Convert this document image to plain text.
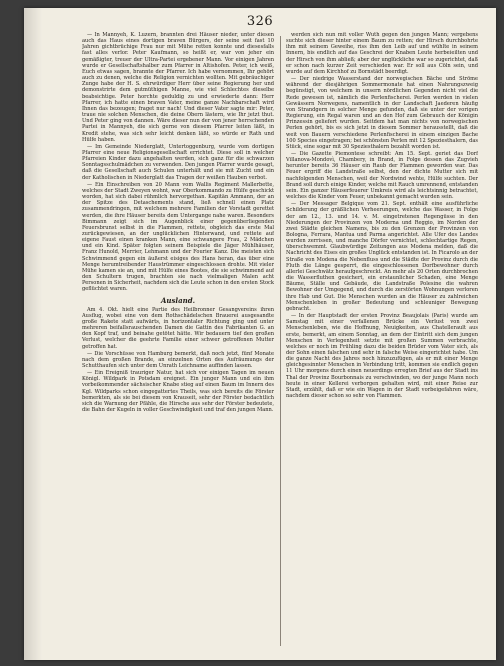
326

— In Mannyeh, K. Luzern, brannten drei Häuser nieder, unter diesen auch das Haus eines dortigen braven Bürgers, der seine seit fast 10 Jahren gichtbrüchige Frau nur mit Mühe retten konnte und diesesfalls fast alles verlor. Peter Kaufmann, so heißt er, war von jeher ein gemäßigter, treuer der Ultra-Partei ergebener Mann. Vor einigen Jahren wurde er Gesellschaftshalber zum Pfarrer in Altishofen. Peter, ich weiß, Euch etwas sagen, brannte der Pfarrer. Ich habe vernommen, Ihr gehört auch zu denen, welche die Religion vernichten wollten. Mit gebräuchiger Zunge habe der H. S. ehrwürdiger Herr über seine Regierung her und demonstrirte dem gutmüthigen Manne, wie viel Schlechtes dieselbe beabsichtige. Peter horchte geduldig zu und erwiederte dann: Herr Pfarrer, ich hatte einen braven Vater, meine ganze Nachbarschaft wird Ihnen das bezeugen; fraget nur nach! Und dieser Vater sagte mir: Peter, traue nie solchen Menschen, die deine Obern lästern, wie Ihr jetzt thut. Und Peter ging von dannen. Wäre dieser nun der von jener herrschenden Partei in Mannyeh, die sich gerne von diesem Pfarrer leiten läßt, in Kredit stehe, was sich sehr leicht denken läßt, so würde er Rath und Hülfe haben.

— Im Gemeinde Niederglatt, Untertoggenburg, wurde vom dortigen Pfarrer eine neue Religionsgesellschaft errichtet. Diese soll in welcher Pfarreien Kinder dazu angehalten werden, sich ganz für die schwarzen Sonntagsschulmädchen zu verwenden. Den jungen Pfarrer wurde gesagt, daß die Gesellschaft auch Schulen unterhält und sie mit Zucht und ein der Katholischen in Niederglatt das Tragen der weißen Hauben verbot.

— Ein Einschreiben von 20 Mann vom Wallis Regiment Mallerbette, welches der Stadt Zweyen wohnt, war Oberkommando zu Hülfe geschickt worden, hat sich dabei rühmlich hervorgethan. Kapitän Ammann, der an der Spitze des Detaschements stand, ließ schnell einen Platz zusammendringen, mit welchem mehrere Familien der Vorstadt gerettet werden, die ihre Häuser bereits dem Untergange nahe waren. Besonders Bimmann zeigt sich im Augenblick einer gegenüberliegenden Feuersbrunst selbst in die Flammen, rettete, obgleich das erste Mal zurückgewiesen, an der unglücklichen Hinterwand, und rettete auf eigene Faust einen kranken Mann, eine schwangere Frau, 2 Mädchen und ein Kind. Später folgten seinem Beispiele die Jäger Mühlhäuser, Franz Hunold, Merrier, Lehmann und der Fourier Kanz. Die meisten sich Schwimmend gegen ein äußerst eisiges des Hans heran, das über eine Menge herumtreibender Haustrümmer eingeschlossen drohte. Mit vieler Mühe kamen sie an, und mit Hülfe eines Bootes, die sie schwimmend auf den Schultern trugen, brachten sie nach vielmaligen Malen acht Personen in Sicherheit, nachdem sich die Leute schon in den ersten Stock geflüchtet waren.

Ausland.

Am 4. Okt. hielt eine Partie des Heilbronner Gesangvereins ihren Ausflug, wobei eine von dem Rothschädelschen Brauerei ausgesandte große Rakete statt aufwärts, in horizontaler Richtung ging und unter mehreren beifallsrauschenden Damen die Gattin des Fabrikanten G. an den Kopf traf, und beinahe getötet hätte. Wir bedauern tief den großen Verlust, welcher die geehrte Familie einer schwer getroffenen Mutter getroffen hat.

— Die Vorschüsse von Hamburg bemerkt, daß noch jetzt, fünf Monate nach dem großen Brande, an einzelnen Orten des Aufräumungs der Schutthaufen sich unter dem Unrath Leichname auffinden lassen.

— Ein Ereigniß trauriger Natur, hat sich vor einigen Tagen im neuen Königl. Wildpark in Potsdam ereignet. Ein junger Mann und ein ihm vorbeikommender sächsischer Knabe stieg auf einen Baum im Innern des Kgl. Wildparks schon eingegattertes Theils, was sich bereits die Förster bemerkten, als sie bei diesem von Krauseit, sehr der Förster bedachtlich sich die Warnung der Pfähle, die Hirsche aus sehr der Förster bedeutete, die Bahn der Kugeln in voller Geschwindigkeit und traf den jungen Mann.

werden sich nun mit voller Wuth gegen den jungen Mann; vergebens suchte sich dieser hinter einem Baum zu retten; der Hirsch durchbohrte ihm mit seinem Geweihe, riss ihm den Leib auf und wühlte in seinem Innern, bis endlich auf das Geschrei der Knaben Leute herbeieilten und der Hirsch von ihm abließ; aber der unglückliche war so zugerichtet, daß er schon nach kurzer Zeit verschieden war. Er soll aus Cöln sein, und wurde auf dem Kirchhof zu Bornstädt beerdigt.

— Der niedrige Wasserstand der norwegischen Bäche und Ströme während der diesjährigen Sommermonate hat einen Nahrungszweig begünstigt, von welchem in unsern nördlichen Gegenden nicht viel die Rede gewesen ist, nämlich die Perlenfischerei. Perlen werden in vielen Gewässern Norwegens, namentlich in der Landschaft Jaederen häufig von Strandgern in solcher Menge gefunden, daß sie unter der vorigen Regierung, ein Regal waren und an den Hof zum Gebrauch der Königin Prinzessin geliefert wurden. Seitdem hat man nichts von norwegischen Perlen gehört, bis es sich jetzt in diesem Sommer herausstellt, daß die weit von Bauern verschiedene Perlenfischerei in einem einzigen Bache 100 Species eingetragen; bei schönsten Perlen mit 12 Speziesthalern, das Stück, eine sogar mit 30 Speziesthalern bezahlt worden ist.

— Die Gazette Piemontese schreibt: Am 15. Sept. geriet das Dorf Villanova-Mondovì, Chambery, in Brand, in Folge dessen das Zugvieh herunter bereits 36 Häuser ein Raub der Flammen geworden war. Das Feuer ergriff die Landstraße selbst, den der dichte Mutter sich mit nachfolgenden Menschen, weil der Nordwind wehte, Hülfe suchten. Der Brand soll durch einige Kinder, welche mit Rauch umrennend, entstanden sein. Ein ganzer Häuserfeuerer Umkreis wird als leichtsinnig betrachtet, welches die Kinder vom Feuer, unbekannt gemacht wurden sein.

— Der Messager Belgique vom 21. Sept. enthält eine ausführliche Schilderung der gräßlichen Verheerungen, welche das Wasser, in Folge der am 12., 13. und 14. v. M. eingetretenen Regengüsse in den Niederungen der Provinzen von Moderna und Reggio, im Norden der zwei Städte gleichen Namens, bis zu den Grenzen der Provinzen von Bologna, Ferrara, Mantua und Parma angerichtet. Alle Ufer des Landes wurden zerrissen, und manche Dörfer vernichtet, schlechtartige Regen, überschwemmt. Glaubwürdige Zeitungen aus Modena melden, daß die Nachricht des Eises ein großes Unglück entstanden ist. In Ficarolo an der Straße von Modena die Nebenfluss und die Städte der Provinz durch die Fluth die Länge gesperrt, die eingeschlossenen Dorfbewohner durch allerlei Geschwätz heraufgeschreckt. An mehr als 20 Orten durchbrochen die Wasserfluthen gesichert, ein erstaunlicher Schaden, eine Menge Bäume, Ställe und Gebäude, die Landstraße Polesine die wahren Bewohner der Umgegend, und durch die zerstörten Wohnungen verloren ihre Hab und Gut. Die Menschen wurden an die Häuser zu zahlreichen Menschenleben in großer Bedeutung und schleuniger Bewegung gebracht.

— In der Hauptstadt der ersten Provinz Beaujolais (Paris) wurde am Samstag mit einer verfallenen Brücke ein Verlust von zwei Menschenleben, wie die Hoffnung, Neuigkeiten, aus Chatellerault aus erste, bemerkt, am einem Sonntag, an dem der Eintritt sich dem jungen Menschen in Verlegenheit setzte mit großen Summen verbrachte, welches er noch im Frühling dazu die beiden Brüder vom Vater sich, als der Sohn einen falschen und sehr in falsche Weise eingerichtet habe. Um die ganze Nacht des Jahres noch hinzuzufügen, als er mit einer Menge gleichgesinnter Menschen in Verbindung tritt, kommen sie endlich gegen 11 Uhr morgens durch einen neuerdings erregten Brief aus der Stadt ins Thal der Provinz Bourbonnais zu verschwinden, wo der junge Mann noch heute in einer Kellerei verborgen gehalten wird, mit einer Reise zur Stadt, erzählt, daß er wie ein Wagen in der Stadt vorbeigefahren wäre, nachdem dieser schon so sehr von Flammen.
